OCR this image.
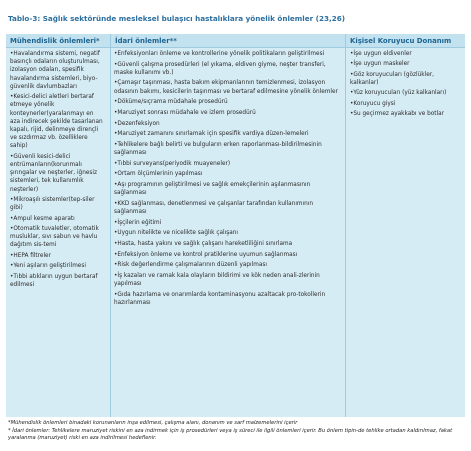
Tablo-3: Sağlık sektöründe mesleksel bulaşıcı hastalıklara yönelik önlemler (23,26)
Mühendislik önlemleri*	İdari önlemler**	Kişisel Koruyucu Donanım
•Havalandırma sistemi, negatif basınçlı odaların oluşturulması, izolasyon odaları, spesifik havalandırma sistemleri, biyo-güvenlik davlumbazları
•Kesici-delici aletleri bertaraf etmeye yönelik konteynerler(yaralanmayı en aza indirecek şekilde tasarlanan kapalı, rijid, delinmeye dirençli ve sızdırmaz vb. özelliklere sahip)
•Güvenli kesici-delici entrümanların(korunmalı şırıngalar ve neşterler, iğnesiz sistemleri, tek kullanımlık neşterler)
•Mikroaşılı sistemler(tep-siler gibi)
•Ampul kesme aparatı
•Otomatik tuvaletler, otomatik musluklar, sıvı sabun ve havlu dağıtım sis-temi
•HEPA filtreler
•Yeni aşıların geliştirilmesi
•Tıbbi atıkların uygun bertaraf edilmesi
•Enfeksiyonları önleme ve kontrollerine yönelik politikaların geliştirilmesi
•Güvenli çalışma prosedürleri (el yıkama, eldiven giyme, neşter transferi, maske kullanımı vb.)
•Çamaşır taşınması, hasta bakım ekipmanlarının temizlenmesi, izolasyon odasının bakımı, kesicilerin taşınması ve bertaraf edilmesine yönelik önlemler
•Döküme/sıçrama müdahale prosedürü
•Maruziyet sonrası müdahale ve izlem prosedürü
•Dezenfeksiyon
•Maruziyet zamanını sınırlamak için spesifik vardiya düzen-lemeleri
•Tehlikelere bağlı belirti ve bulguların erken raporlanması-bildirilmesinin sağlanması
•Tıbbi surveyans(periyodik muayeneler)
•Ortam ölçümlerinin yapılması
•Aşı programının geliştirilmesi ve sağlık emekçilerinin aşılanmasının sağlanması
•KKD sağlanması, denetlenmesi ve çalışanlar tarafından kullanımının sağlanması
•İşçilerin eğitimi
•Uygun nitelikte ve nicelikte sağlık çalışanı
•Hasta, hasta yakını ve sağlık çalışanı hareketliliğini sınırlama
•Enfeksiyon önleme ve kontrol pratiklerine uyumun sağlanması
•Risk değerlendirme çalışmalarının düzenli yapılması
•İş kazaları ve ramak kala olayların bildirimi ve kök neden anali-zlerinin yapılması
•Gıda hazırlama ve onarımlarda kontaminasyonu azaltacak pro-tokollerin hazırlanması
•İşe uygun eldivenler
•İşe uygun maskeler
•Göz koruyucuları (gözlükler, kalkanlar)
•Yüz koruyucuları (yüz kalkanları)
•Koruyucu giysi
•Su geçirmez ayakkabı ve botlar
*Mühendislik önlemleri binadaki korunanların inşa edilmesi, çalışma alanı, donanım ve sarf malzemelerini içerir
* İdari önlemler: Tehlikelere maruziyet riskini en aza indirmek için iş prosedürleri veya iş süreci ile ilgili önlemleri içerir. Bu önlem tipin-de tehlike ortadan kaldırılmaz, fakat yaralanma (maruziyet) riski en aza indirilmesi hedeflenir.
